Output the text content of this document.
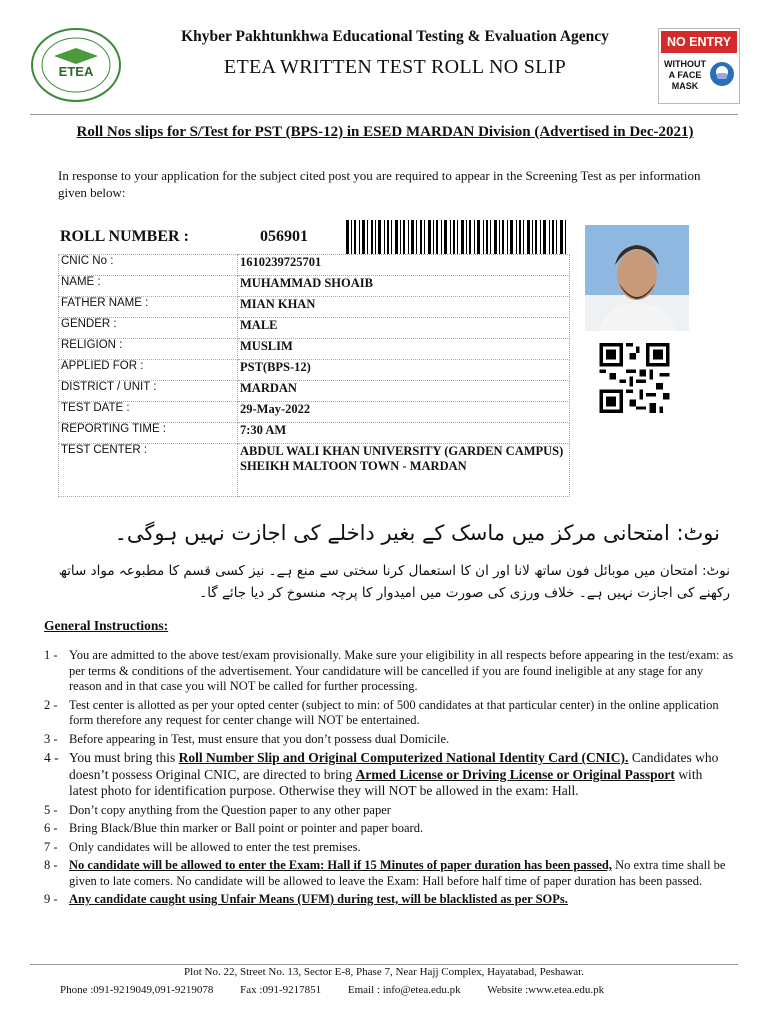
ETEA
Khyber Pakhtunkhwa Educational Testing & Evaluation Agency
ETEA WRITTEN TEST ROLL NO SLIP
NO ENTRY
WITHOUT A FACE MASK
Roll Nos slips for S/Test for PST (BPS-12) in ESED MARDAN Division (Advertised in Dec-2021)
In response to your application for the subject cited post you are required to appear in the Screening Test as per information given below:
ROLL NUMBER :	056901
CNIC No :	1610239725701
NAME :	MUHAMMAD SHOAIB
FATHER NAME :	MIAN KHAN
GENDER :	MALE
RELIGION :	MUSLIM
APPLIED FOR :	PST(BPS-12)
DISTRICT / UNIT :	MARDAN
TEST DATE :	29-May-2022
REPORTING TIME :	7:30 AM
TEST CENTER :	ABDUL WALI KHAN UNIVERSITY (GARDEN CAMPUS) SHEIKH MALTOON TOWN - MARDAN
نوٹ: امتحانی مرکز میں ماسک کے بغیر داخلے کی اجازت نہیں ہوگی۔
نوٹ: امتحان میں موبائل فون ساتھ لانا اور ان کا استعمال کرنا سختی سے منع ہے۔ نیز کسی قسم کا مطبوعہ مواد ساتھ رکھنے کی اجازت نہیں ہے۔ خلاف ورزی کی صورت میں امیدوار کا پرچہ منسوخ کر دیا جائے گا۔
General Instructions:
1 - You are admitted to the above test/exam provisionally. Make sure your eligibility in all respects before appearing in the test/exam: as per terms & conditions of the advertisement. Your candidature will be cancelled if you are found ineligible at any stage for any reason and in that case you will NOT be called for further processing.
2 - Test center is allotted as per your opted center (subject to min: of 500 candidates at that particular center) in the online application form therefore any request for center change will NOT be entertained.
3 - Before appearing in Test, must ensure that you don’t possess dual Domicile.
4 - You must bring this Roll Number Slip and Original Computerized National Identity Card (CNIC). Candidates who doesn’t possess Original CNIC, are directed to bring Armed License or Driving License or Original Passport with latest photo for identification purpose. Otherwise they will NOT be allowed in the exam: Hall.
5 - Don’t copy anything from the Question paper to any other paper
6 - Bring Black/Blue thin marker or Ball point or pointer and paper board.
7 - Only candidates will be allowed to enter the test premises.
8 - No candidate will be allowed to enter the Exam: Hall if 15 Minutes of paper duration has been passed, No extra time shall be given to late comers. No candidate will be allowed to leave the Exam: Hall before half time of paper duration has been passed.
9 - Any candidate caught using Unfair Means (UFM) during test, will be blacklisted as per SOPs.
Plot No. 22, Street No. 13, Sector E-8, Phase 7, Near Hajj Complex, Hayatabad, Peshawar.
Phone :091-9219049,091-9219078 Fax :091-9217851 Email : info@etea.edu.pk Website :www.etea.edu.pk
